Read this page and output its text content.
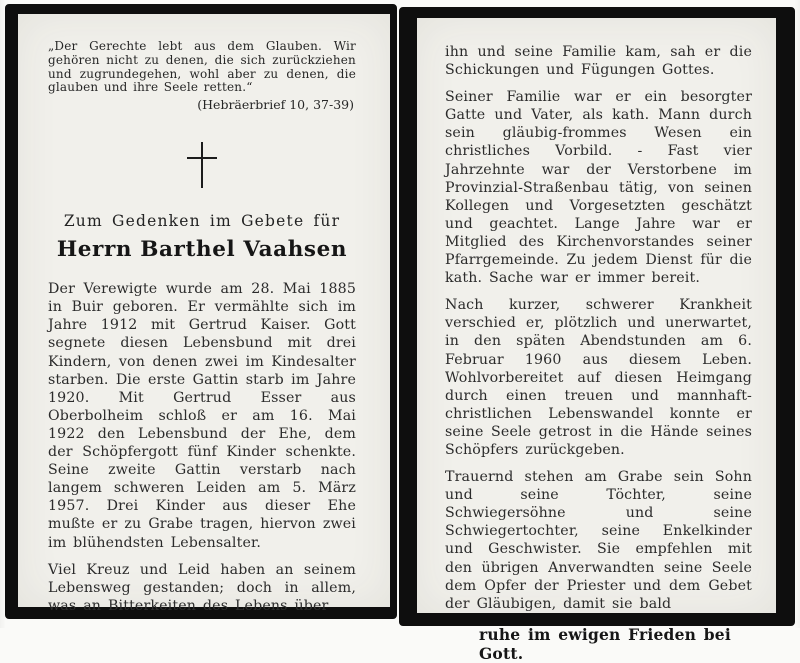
„Der Gerechte lebt aus dem Glauben. Wir gehören nicht zu denen, die sich zurückziehen und zugrundegehen, wohl aber zu denen, die glauben und ihre Seele retten.“
(Hebräerbrief 10, 37-39)
Zum Gedenken im Gebete für
Herrn Barthel Vaahsen

Der Verewigte wurde am 28. Mai 1885 in Buir geboren. Er vermählte sich im Jahre 1912 mit Gertrud Kaiser. Gott segnete diesen Lebensbund mit drei Kindern, von denen zwei im Kindesalter starben. Die erste Gattin starb im Jahre 1920. Mit Gertrud Esser aus Oberbolheim schloß er am 16. Mai 1922 den Lebensbund der Ehe, dem der Schöpfergott fünf Kinder schenkte. Seine zweite Gattin verstarb nach langem schweren Leiden am 5. März 1957. Drei Kinder aus dieser Ehe mußte er zu Grabe tragen, hiervon zwei im blühendsten Lebensalter.

Viel Kreuz und Leid haben an seinem Lebensweg gestanden; doch in allem, was an Bitterkeiten des Lebens über

ihn und seine Familie kam, sah er die Schickungen und Fügungen Gottes.

Seiner Familie war er ein besorgter Gatte und Vater, als kath. Mann durch sein gläubig-frommes Wesen ein christliches Vorbild. - Fast vier Jahrzehnte war der Verstorbene im Provinzial-Straßenbau tätig, von seinen Kollegen und Vorgesetzten geschätzt und geachtet. Lange Jahre war er Mitglied des Kirchenvorstandes seiner Pfarrgemeinde. Zu jedem Dienst für die kath. Sache war er immer bereit.

Nach kurzer, schwerer Krankheit verschied er, plötzlich und unerwartet, in den späten Abendstunden am 6. Februar 1960 aus diesem Leben. Wohlvorbereitet auf diesen Heimgang durch einen treuen und mannhaft-christlichen Lebenswandel konnte er seine Seele getrost in die Hände seines Schöpfers zurückgeben.

Trauernd stehen am Grabe sein Sohn und seine Töchter, seine Schwiegersöhne und seine Schwiegertochter, seine Enkelkinder und Geschwister. Sie empfehlen mit den übrigen Anverwandten seine Seele dem Opfer der Priester und dem Gebet der Gläubigen, damit sie bald

ruhe im ewigen Frieden bei Gott.
